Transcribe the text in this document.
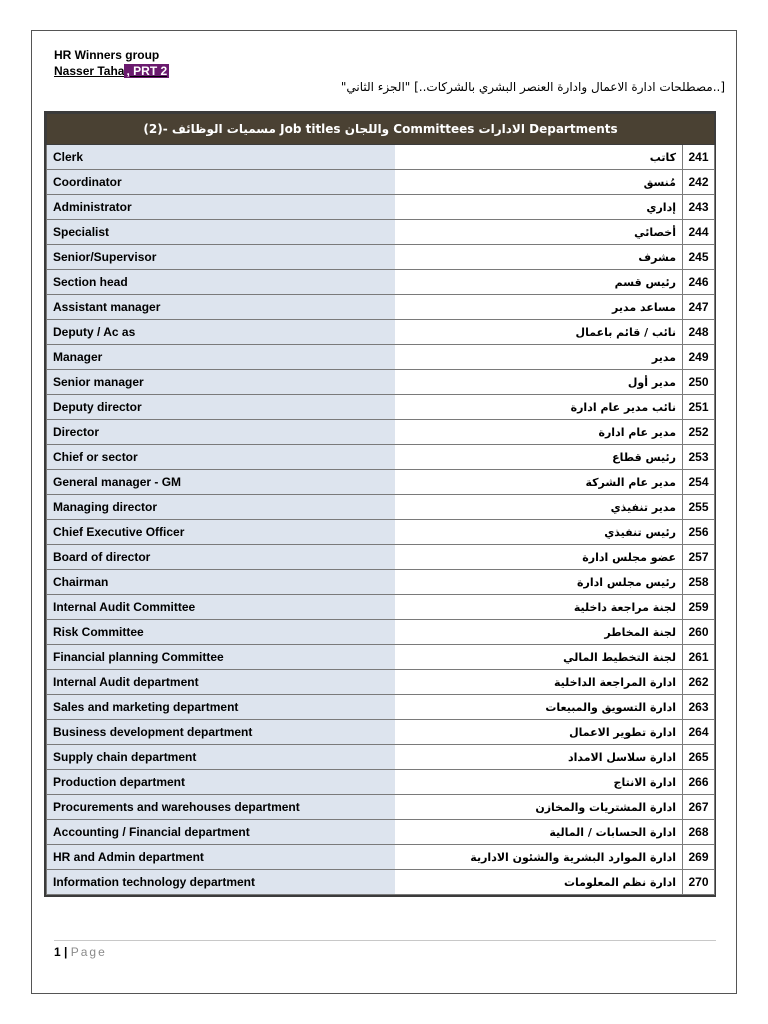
HR Winners group
Nasser Taha , PRT 2
[..مصطلحات ادارة الاعمال وادارة العنصر البشري بالشركات..] "الجزء الثاني"
(2)- مسميات الوظائف Job titles واللجان Committees الادارات Departments		
Clerk	كاتب	241
Coordinator	مُنسق	242
Administrator	إداري	243
Specialist	أخصائي	244
Senior/Supervisor	مشرف	245
Section head	رئيس قسم	246
Assistant manager	مساعد مدير	247
Deputy / Ac as	نائب / قائم باعمال	248
Manager	مدير	249
Senior manager	مدير أول	250
Deputy director	نائب مدير عام ادارة	251
Director	مدير عام ادارة	252
Chief or sector	رئيس قطاع	253
General manager - GM	مدير عام الشركة	254
Managing director	مدير تنفيذي	255
Chief Executive Officer	رئيس تنفيذي	256
Board of director	عضو مجلس ادارة	257
Chairman	رئيس مجلس ادارة	258
Internal Audit Committee	لجنة مراجعة داخلية	259
Risk Committee	لجنة المخاطر	260
Financial planning Committee	لجنة التخطيط المالي	261
Internal Audit department	ادارة المراجعة الداخلية	262
Sales and marketing department	ادارة التسويق والمبيعات	263
Business development department	ادارة تطوير الاعمال	264
Supply chain department	ادارة سلاسل الامداد	265
Production department	ادارة الانتاج	266
Procurements and warehouses department	ادارة المشتريات والمخازن	267
Accounting / Financial department	ادارة الحسابات / المالية	268
HR and Admin department	ادارة الموارد البشرية والشئون الادارية	269
Information technology department	ادارة نظم المعلومات	270
1 | Page
